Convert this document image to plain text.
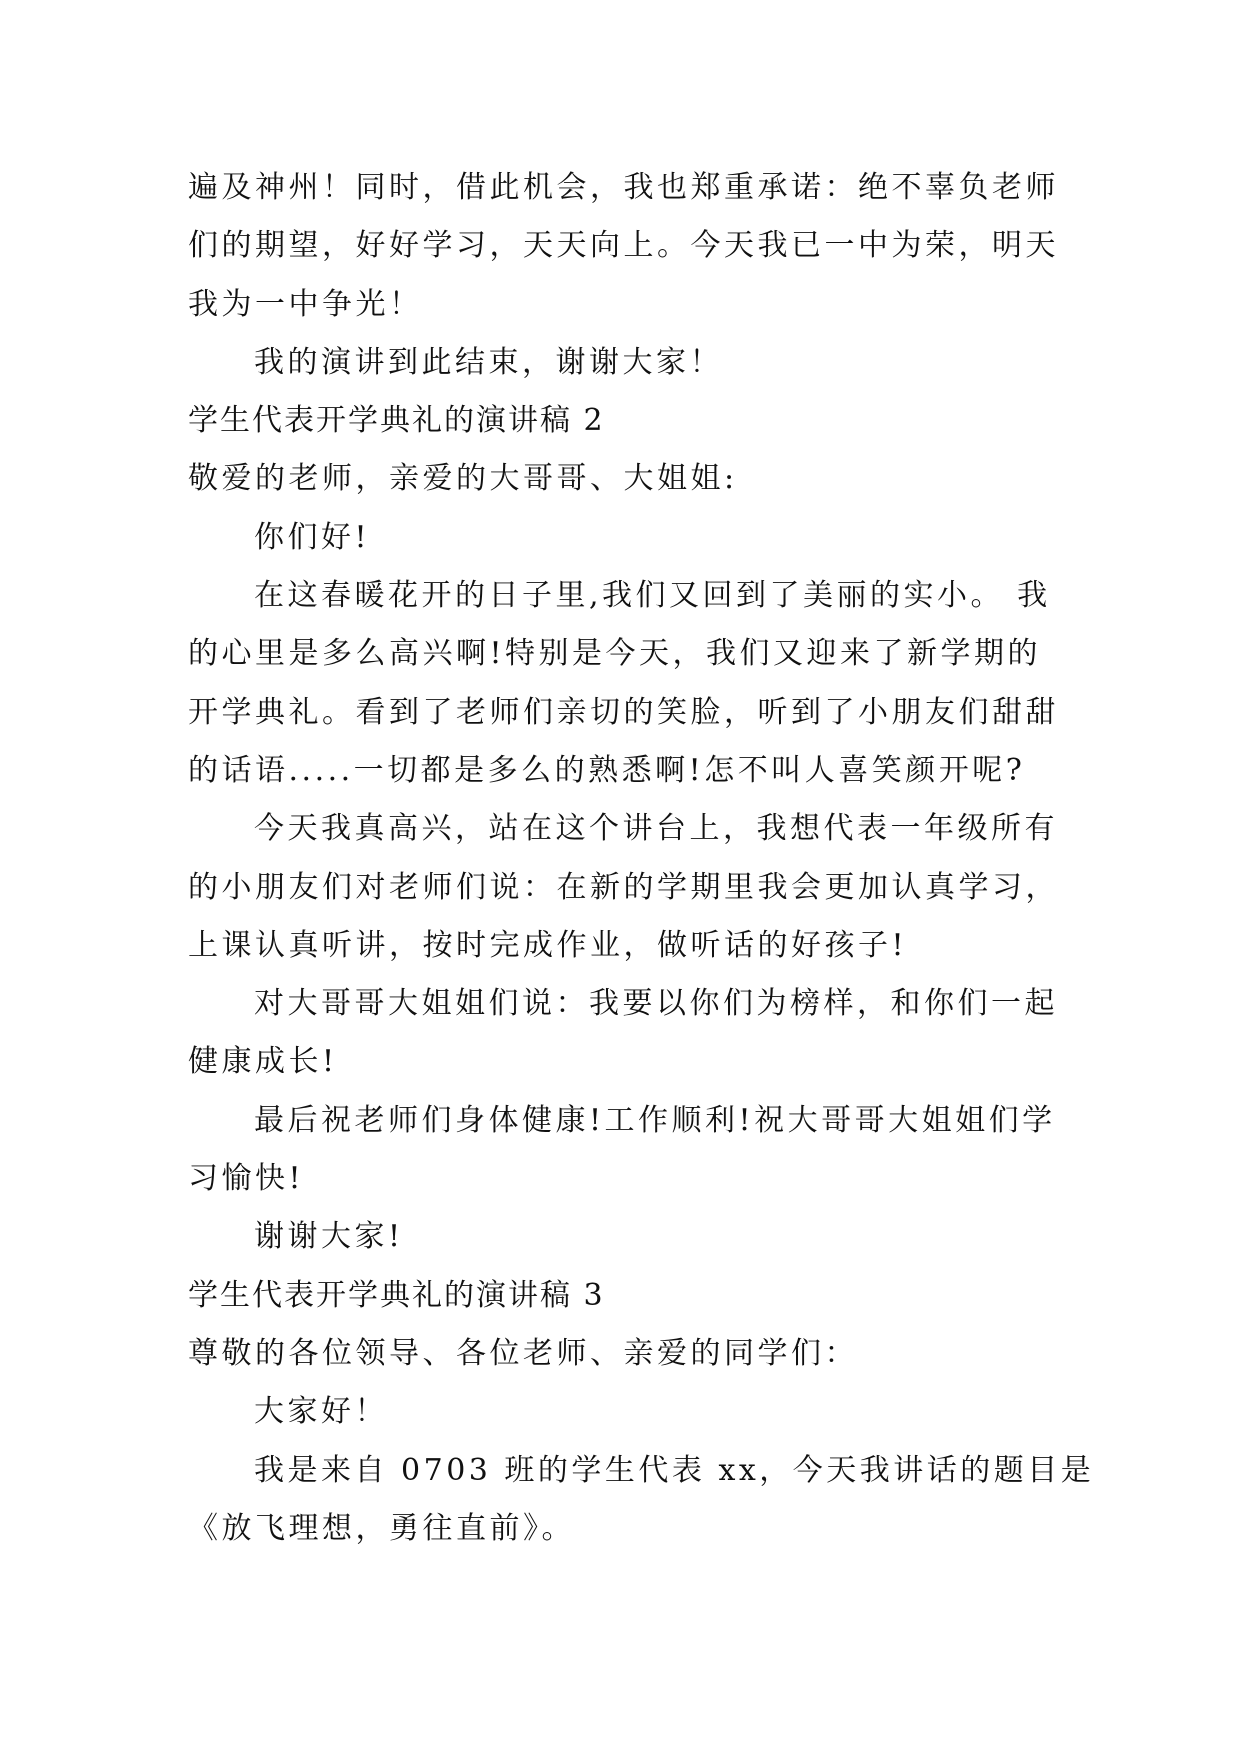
遍及神州！同时，借此机会，我也郑重承诺：绝不辜负老师
们的期望，好好学习，天天向上。今天我已一中为荣，明天
我为一中争光！
我的演讲到此结束，谢谢大家！
学生代表开学典礼的演讲稿 2
敬爱的老师，亲爱的大哥哥、大姐姐:
你们好!
在这春暖花开的日子里,我们又回到了美丽的实小。 我
的心里是多么高兴啊!特别是今天，我们又迎来了新学期的
开学典礼。看到了老师们亲切的笑脸，听到了小朋友们甜甜
的话语.....一切都是多么的熟悉啊!怎不叫人喜笑颜开呢?
今天我真高兴，站在这个讲台上，我想代表一年级所有
的小朋友们对老师们说：在新的学期里我会更加认真学习，
上课认真听讲，按时完成作业，做听话的好孩子!
对大哥哥大姐姐们说：我要以你们为榜样，和你们一起
健康成长!
最后祝老师们身体健康!工作顺利!祝大哥哥大姐姐们学
习愉快!
谢谢大家!
学生代表开学典礼的演讲稿 3
尊敬的各位领导、各位老师、亲爱的同学们：
大家好！
我是来自 0703 班的学生代表 xx，今天我讲话的题目是
《放飞理想，勇往直前》。
